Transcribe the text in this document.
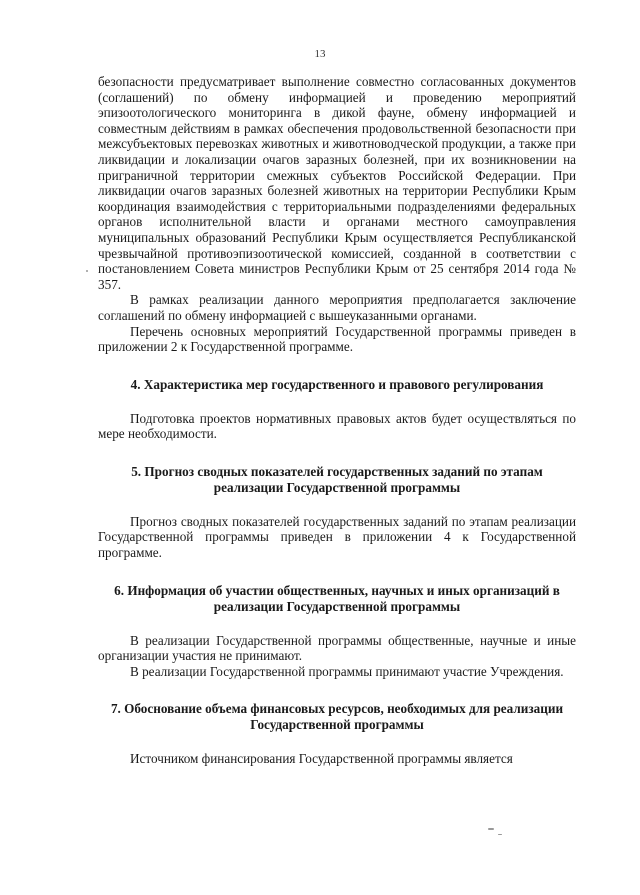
13

безопасности предусматривает выполнение совместно согласованных документов (соглашений) по обмену информацией и проведению мероприятий эпизоотологического мониторинга в дикой фауне, обмену информацией и совместным действиям в рамках обеспечения продовольственной безопасности при межсубъектовых перевозках животных и животноводческой продукции, а также при ликвидации и локализации очагов заразных болезней, при их возникновении на приграничной территории смежных субъектов Российской Федерации. При ликвидации очагов заразных болезней животных на территории Республики Крым координация взаимодействия с территориальными подразделениями федеральных органов исполнительной власти и органами местного самоуправления муниципальных образований Республики Крым осуществляется Республиканской чрезвычайной противоэпизоотической комиссией, созданной в соответствии с постановлением Совета министров Республики Крым от 25 сентября 2014 года № 357.

В рамках реализации данного мероприятия предполагается заключение соглашений по обмену информацией с вышеуказанными органами.

Перечень основных мероприятий Государственной программы приведен в приложении 2 к Государственной программе.

4. Характеристика мер государственного и правового регулирования

Подготовка проектов нормативных правовых актов будет осуществляться по мере необходимости.

5. Прогноз сводных показателей государственных заданий по этапам реализации Государственной программы

Прогноз сводных показателей государственных заданий по этапам реализации Государственной программы приведен в приложении 4 к Государственной программе.

6. Информация об участии общественных, научных и иных организаций в реализации Государственной программы

В реализации Государственной программы общественные, научные и иные организации участия не принимают.

В реализации Государственной программы принимают участие Учреждения.

7. Обоснование объема финансовых ресурсов, необходимых для реализации Государственной программы

Источником финансирования Государственной программы является
